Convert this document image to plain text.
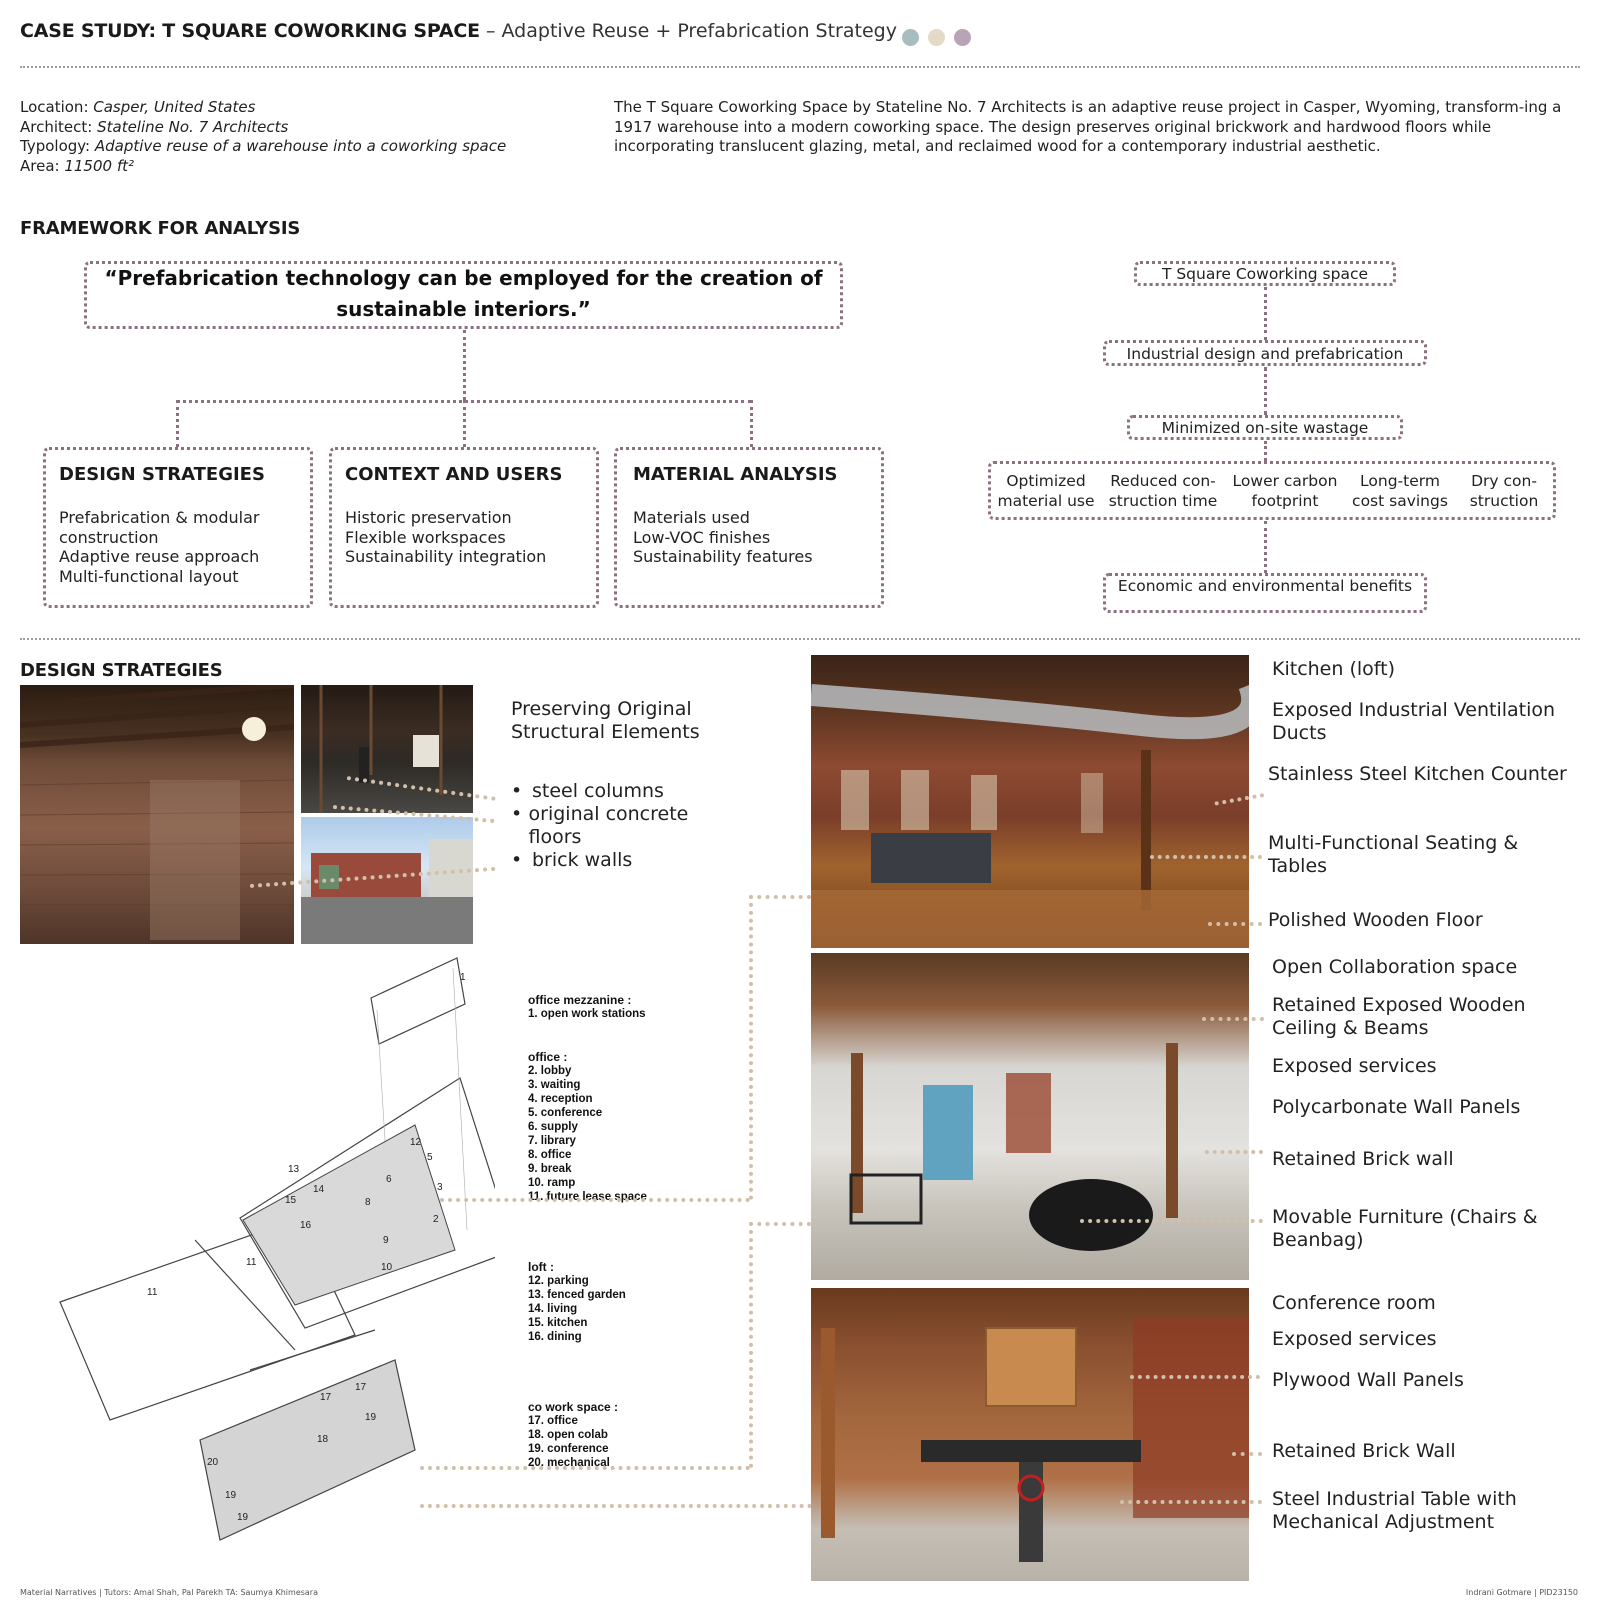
CASE STUDY: T SQUARE COWORKING SPACE – Adaptive Reuse + Prefabrication Strategy
Location: Casper, United States
Architect: Stateline No. 7 Architects
Typology: Adaptive reuse of a warehouse into a coworking space
Area: 11500 ft²
The T Square Coworking Space by Stateline No. 7 Architects is an adaptive reuse project in Casper, Wyoming, transform-ing a 1917 warehouse into a modern coworking space. The design preserves original brickwork and hardwood floors while incorporating translucent glazing, metal, and reclaimed wood for a contemporary industrial aesthetic.
FRAMEWORK FOR ANALYSIS
“Prefabrication technology can be employed for the creation of sustainable interiors.”
DESIGN STRATEGIES
Prefabrication & modular construction
Adaptive reuse approach
Multi-functional layout
CONTEXT AND USERS
Historic preservation
Flexible workspaces
Sustainability integration
MATERIAL ANALYSIS
Materials used
Low-VOC finishes
Sustainability features
T Square Coworking space
Industrial design and prefabrication
Minimized on-site wastage
Optimized
material use
Reduced con-
struction time
Lower carbon
footprint
Long-term
cost savings
Dry con-
struction
Economic and environmental benefits
DESIGN STRATEGIES
Preserving Original
Structural Elements
• steel columns
• original concrete floors
• brick walls
1
12
5
13
14
15
16
6
8
3
2
9
10
11
11
17
17
18
19
20
19
19
office mezzanine :
1. open work stations
office :
2. lobby
3. waiting
4. reception
5. conference
6. supply
7. library
8. office
9. break
10. ramp
11. future lease space
loft :
12. parking
13. fenced garden
14. living
15. kitchen
16. dining
co work space :
17. office
18. open colab
19. conference
20. mechanical
Kitchen (loft)
Exposed Industrial Ventilation Ducts
Stainless Steel Kitchen Counter
Multi-Functional Seating & Tables
Polished Wooden Floor
Open Collaboration space
Retained Exposed Wooden Ceiling & Beams
Exposed services
Polycarbonate Wall Panels
Retained Brick wall
Movable Furniture (Chairs & Beanbag)
Conference room
Exposed services
Plywood Wall Panels
Retained Brick Wall
Steel Industrial Table with Mechanical Adjustment
Material Narratives | Tutors: Amal Shah, Pal Parekh TA: Saumya Khimesara	Indrani Gotmare | PID23150
